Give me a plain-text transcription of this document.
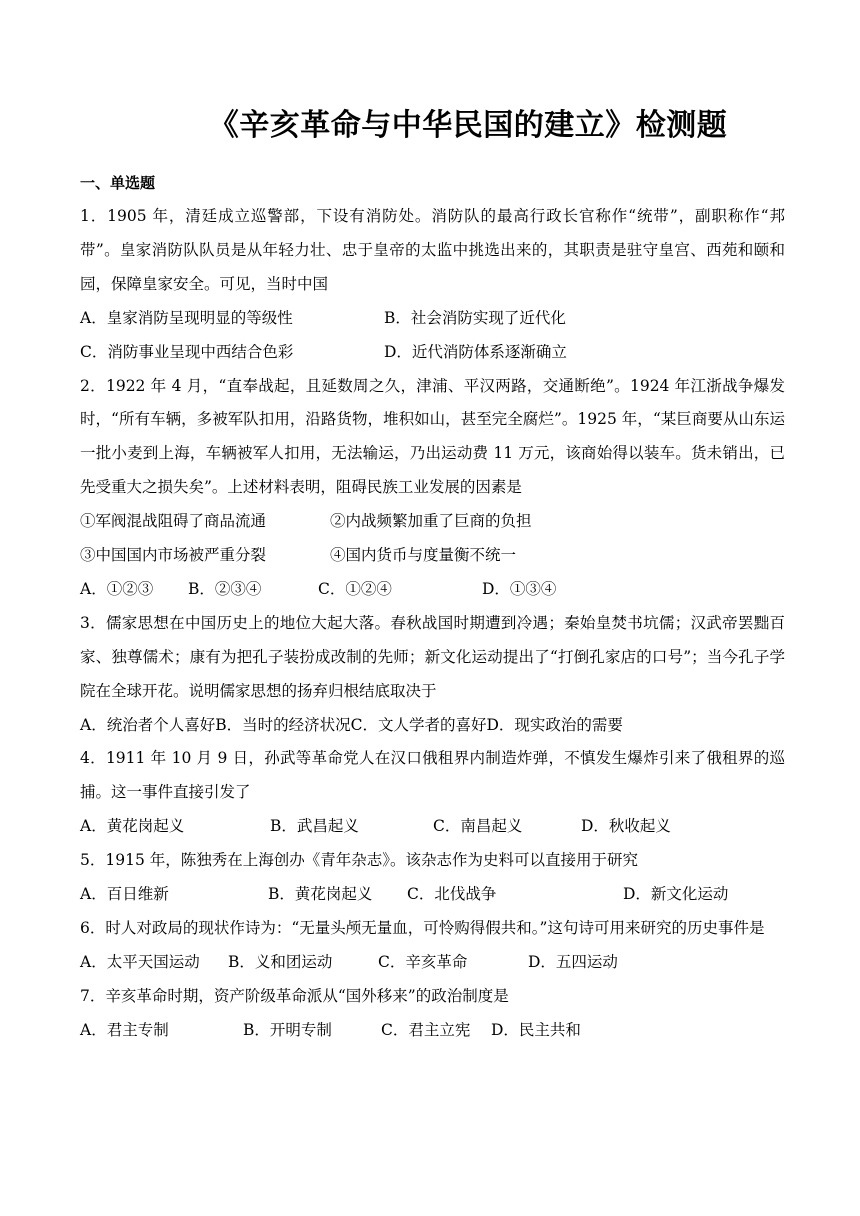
《辛亥革命与中华民国的建立》检测题
一、单选题
1．1905 年，清廷成立巡警部，下设有消防处。消防队的最高行政长官称作“统带”，副职称作“邦带”。皇家消防队队员是从年轻力壮、忠于皇帝的太监中挑选出来的，其职责是驻守皇宫、西苑和颐和园，保障皇家安全。可见，当时中国
A．皇家消防呈现明显的等级性	B．社会消防实现了近代化
C．消防事业呈现中西结合色彩	D．近代消防体系逐渐确立
2．1922 年 4 月，“直奉战起，且延数周之久，津浦、平汉两路，交通断绝”。1924 年江浙战争爆发时，“所有车辆，多被军队扣用，沿路货物，堆积如山，甚至完全腐烂”。1925 年，“某巨商要从山东运一批小麦到上海，车辆被军人扣用，无法输运，乃出运动费 11 万元，该商始得以装车。货未销出，已先受重大之损失矣”。上述材料表明，阻碍民族工业发展的因素是
①军阀混战阻碍了商品流通	②内战频繁加重了巨商的负担
③中国国内市场被严重分裂	④国内货币与度量衡不统一
A．①②③	B．②③④	C．①②④	D．①③④
3．儒家思想在中国历史上的地位大起大落。春秋战国时期遭到冷遇；秦始皇焚书坑儒；汉武帝罢黜百家、独尊儒术；康有为把孔子装扮成改制的先师；新文化运动提出了“打倒孔家店的口号”；当今孔子学院在全球开花。说明儒家思想的扬弃归根结底取决于
A．统治者个人喜好B．当时的经济状况C．文人学者的喜好D．现实政治的需要
4．1911 年 10 月 9 日，孙武等革命党人在汉口俄租界内制造炸弹，不慎发生爆炸引来了俄租界的巡捕。这一事件直接引发了
A．黄花岗起义	B．武昌起义	C．南昌起义	D．秋收起义
5．1915 年，陈独秀在上海创办《青年杂志》。该杂志作为史料可以直接用于研究
A．百日维新	B．黄花岗起义	C．北伐战争	D．新文化运动
6．时人对政局的现状作诗为：“无量头颅无量血，可怜购得假共和。”这句诗可用来研究的历史事件是
A．太平天国运动	B．义和团运动	C．辛亥革命	D．五四运动
7．辛亥革命时期，资产阶级革命派从“国外移来”的政治制度是
A．君主专制	B．开明专制	C．君主立宪	D．民主共和
